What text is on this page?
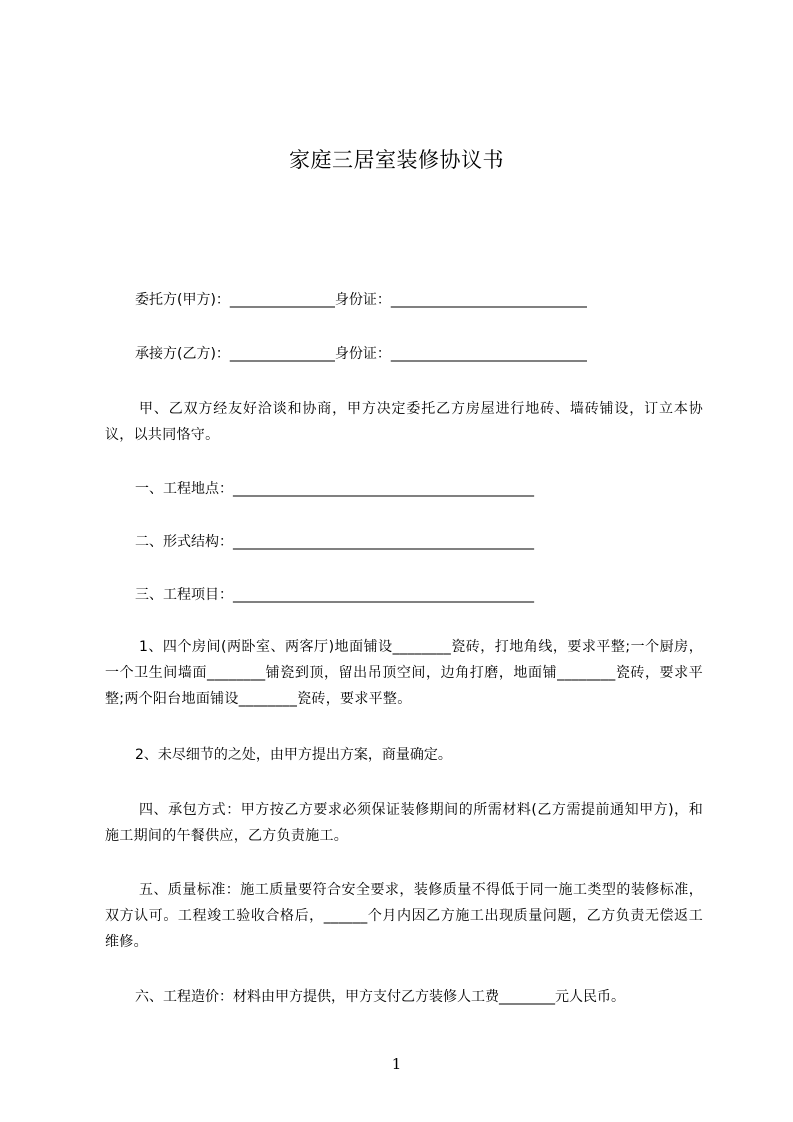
家庭三居室装修协议书
委托方(甲方)：_______________身份证：____________________________
承接方(乙方)：_______________身份证：____________________________
甲、乙双方经友好洽谈和协商，甲方决定委托乙方房屋进行地砖、墙砖铺设，订立本协议，以共同恪守。
一、工程地点：___________________________________________
二、形式结构：___________________________________________
三、工程项目：___________________________________________
1、四个房间(两卧室、两客厅)地面铺设________瓷砖，打地角线，要求平整;一个厨房，一个卫生间墙面________铺瓷到顶，留出吊顶空间，边角打磨，地面铺________瓷砖，要求平整;两个阳台地面铺设________瓷砖，要求平整。
2、未尽细节的之处，由甲方提出方案，商量确定。
四、承包方式：甲方按乙方要求必须保证装修期间的所需材料(乙方需提前通知甲方)，和施工期间的午餐供应，乙方负责施工。
五、质量标准：施工质量要符合安全要求，装修质量不得低于同一施工类型的装修标准，双方认可。工程竣工验收合格后，______个月内因乙方施工出现质量问题，乙方负责无偿返工维修。
六、工程造价：材料由甲方提供，甲方支付乙方装修人工费________元人民币。
1
